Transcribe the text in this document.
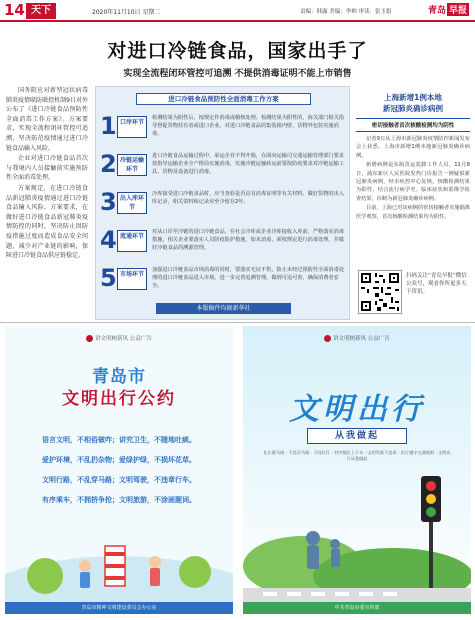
14 天下	2020年11月10日 星期二	责编：韩露 美编：李帅 审读：张玉娟	青岛 早报
对进口冷链食品，国家出手了
实现全流程闭环管控可追溯 不提供消毒证明不能上市销售

国务院应对新型冠状病毒肺炎疫情联防联控机制9日对外公布了《进口冷链食品预防性全面消毒工作方案》。方案要求，实现全流程闭环管控可追溯，坚决防范疫情通过进口冷链食品输入风险。

企业对进口冷链食品首次与我境内人员接触前实施预防性全面消毒处理。

方案规定，在进口冷链食品新冠肺炎疫情通过进口冷链食品输入风险，方案要求，在做好进口冷链食品新冠肺炎疫情防控的同时，坚决防止因防疫措施过度而造成食品安全问题，减少对产业链的影响，保障进口冷链食品供应链稳定。

进口冷链食品预防性全面消毒工作方案
1 口岸环节
检测结果为阴性后，按规定作消毒或稽核处理。检测结果为阳性的，海关部门相关指导督促货物持有者或进口企业，对进口冷链食品的集装箱内壁、货物外包装实施消毒。
2 冷链运输环节
进口冷链食品运输过程中，承运企业不得开箱，在面向运输司交通运输管理部门要求按指导运输企业全产格局实施消毒，实施冷链运输转运前要按防疫要求对冷链运输工具、货物及设备进行消毒。
3 出入库环节
冷库接受进口冷链食品时，应当查验是否具有消毒证明等有关材料，做好货物的出入库记录，相关资料和记录应至少留存2年。
4 流通环节
对从口岸至冷链的进口冷链食品，在社会冷库或企业冷库接收入库前，严格落实消毒措施，相关企业要落实人员防疫防护措施，如未消毒，须按规定进行消毒处理，并做好冷链食品的溯源管理。
5 市场环节
加强进口冷链食品市场消毒的同时，要落实无证不售，防止未经过预防性全面消毒处理的进口冷链食品进入市场。进一步完善追溯管理，做到可追可查，确保消费者安全。
本版稿件均据新华社
上海新增1例本地
新冠肺炎确诊病例
密切接触者首次核酸检测均为阴性

记者9日从上海市新冠肺炎疫情防控新闻发布会上获悉，上海市新增1例本地新冠肺炎确诊病例。

新增病例是东航货运装卸工作人员，11月8日，浦东新区人民医院发热门诊报告一例疑似新冠肺炎病例，经市疾控中心复核，核酸检测结果为阳性，结合流行病学史、临床症状和影像学检查结果，诊断为新冠肺炎确诊病例。

目前，上海已对该病例的密切接触者实施隔离医学观察，首次核酸检测结果均为阴性。

扫码关注“青岛早报”微信公众号，观看你所更多天下资讯。
讲文明树新风 公益广告
青岛市
文明出行公约
语言文明，不相俗做咋；讲究卫生，不随地吐痰。
爱护环境，不乱扔杂物；爱绿护绿，不损坏花草。
文明行路，不乱穿马路；文明驾驶，不违章行车。
有序乘车，不拥挤争抢；文明旅游，不涂画题词。
青岛市精神文明建设委员会办公室
讲文明树新风 公益广告
文明出行
从我做起
礼让斑马线 · 不乱穿马路 · 不闯红灯 · 有序排队上下车 · 文明驾驶不违章 · 出行遵守交通规则 · 文明出行从我做起
中共青岛市委宣传部
